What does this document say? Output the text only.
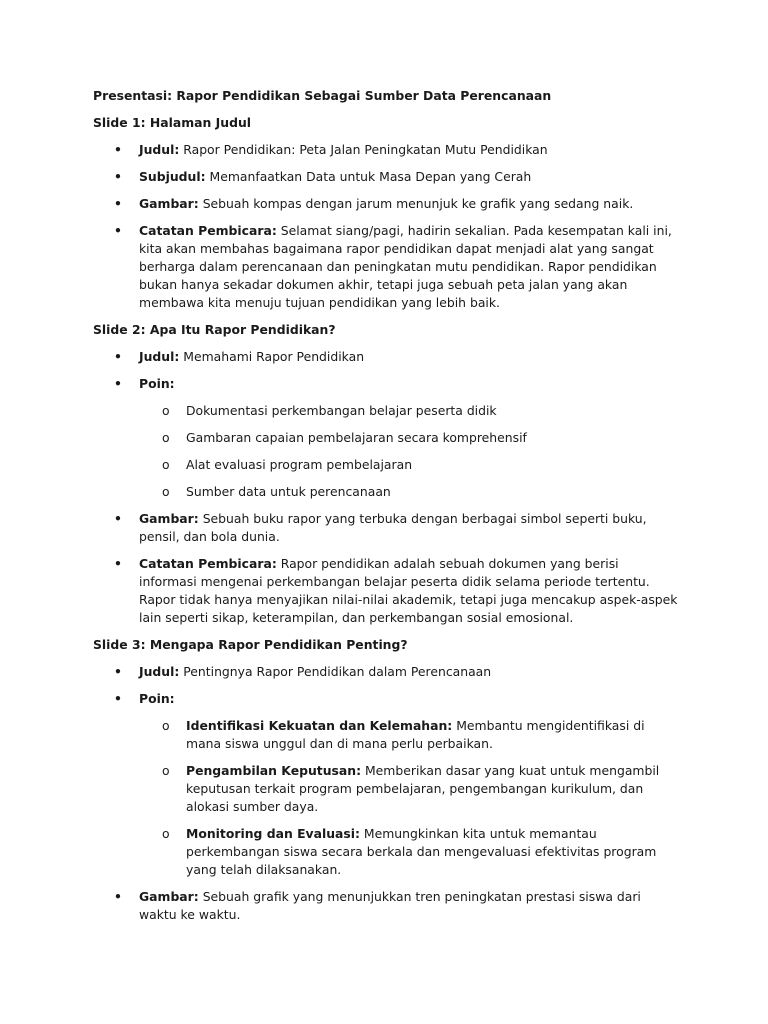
Presentasi: Rapor Pendidikan Sebagai Sumber Data Perencanaan

Slide 1: Halaman Judul

• Judul: Rapor Pendidikan: Peta Jalan Peningkatan Mutu Pendidikan
• Subjudul: Memanfaatkan Data untuk Masa Depan yang Cerah
• Gambar: Sebuah kompas dengan jarum menunjuk ke grafik yang sedang naik.
• Catatan Pembicara: Selamat siang/pagi, hadirin sekalian. Pada kesempatan kali ini, kita akan membahas bagaimana rapor pendidikan dapat menjadi alat yang sangat berharga dalam perencanaan dan peningkatan mutu pendidikan. Rapor pendidikan bukan hanya sekadar dokumen akhir, tetapi juga sebuah peta jalan yang akan membawa kita menuju tujuan pendidikan yang lebih baik.

Slide 2: Apa Itu Rapor Pendidikan?

• Judul: Memahami Rapor Pendidikan
• Poin:
o Dokumentasi perkembangan belajar peserta didik
o Gambaran capaian pembelajaran secara komprehensif
o Alat evaluasi program pembelajaran
o Sumber data untuk perencanaan
• Gambar: Sebuah buku rapor yang terbuka dengan berbagai simbol seperti buku, pensil, dan bola dunia.
• Catatan Pembicara: Rapor pendidikan adalah sebuah dokumen yang berisi informasi mengenai perkembangan belajar peserta didik selama periode tertentu. Rapor tidak hanya menyajikan nilai-nilai akademik, tetapi juga mencakup aspek-aspek lain seperti sikap, keterampilan, dan perkembangan sosial emosional.

Slide 3: Mengapa Rapor Pendidikan Penting?

• Judul: Pentingnya Rapor Pendidikan dalam Perencanaan
• Poin:
o Identifikasi Kekuatan dan Kelemahan: Membantu mengidentifikasi di mana siswa unggul dan di mana perlu perbaikan.
o Pengambilan Keputusan: Memberikan dasar yang kuat untuk mengambil keputusan terkait program pembelajaran, pengembangan kurikulum, dan alokasi sumber daya.
o Monitoring dan Evaluasi: Memungkinkan kita untuk memantau perkembangan siswa secara berkala dan mengevaluasi efektivitas program yang telah dilaksanakan.
• Gambar: Sebuah grafik yang menunjukkan tren peningkatan prestasi siswa dari waktu ke waktu.
